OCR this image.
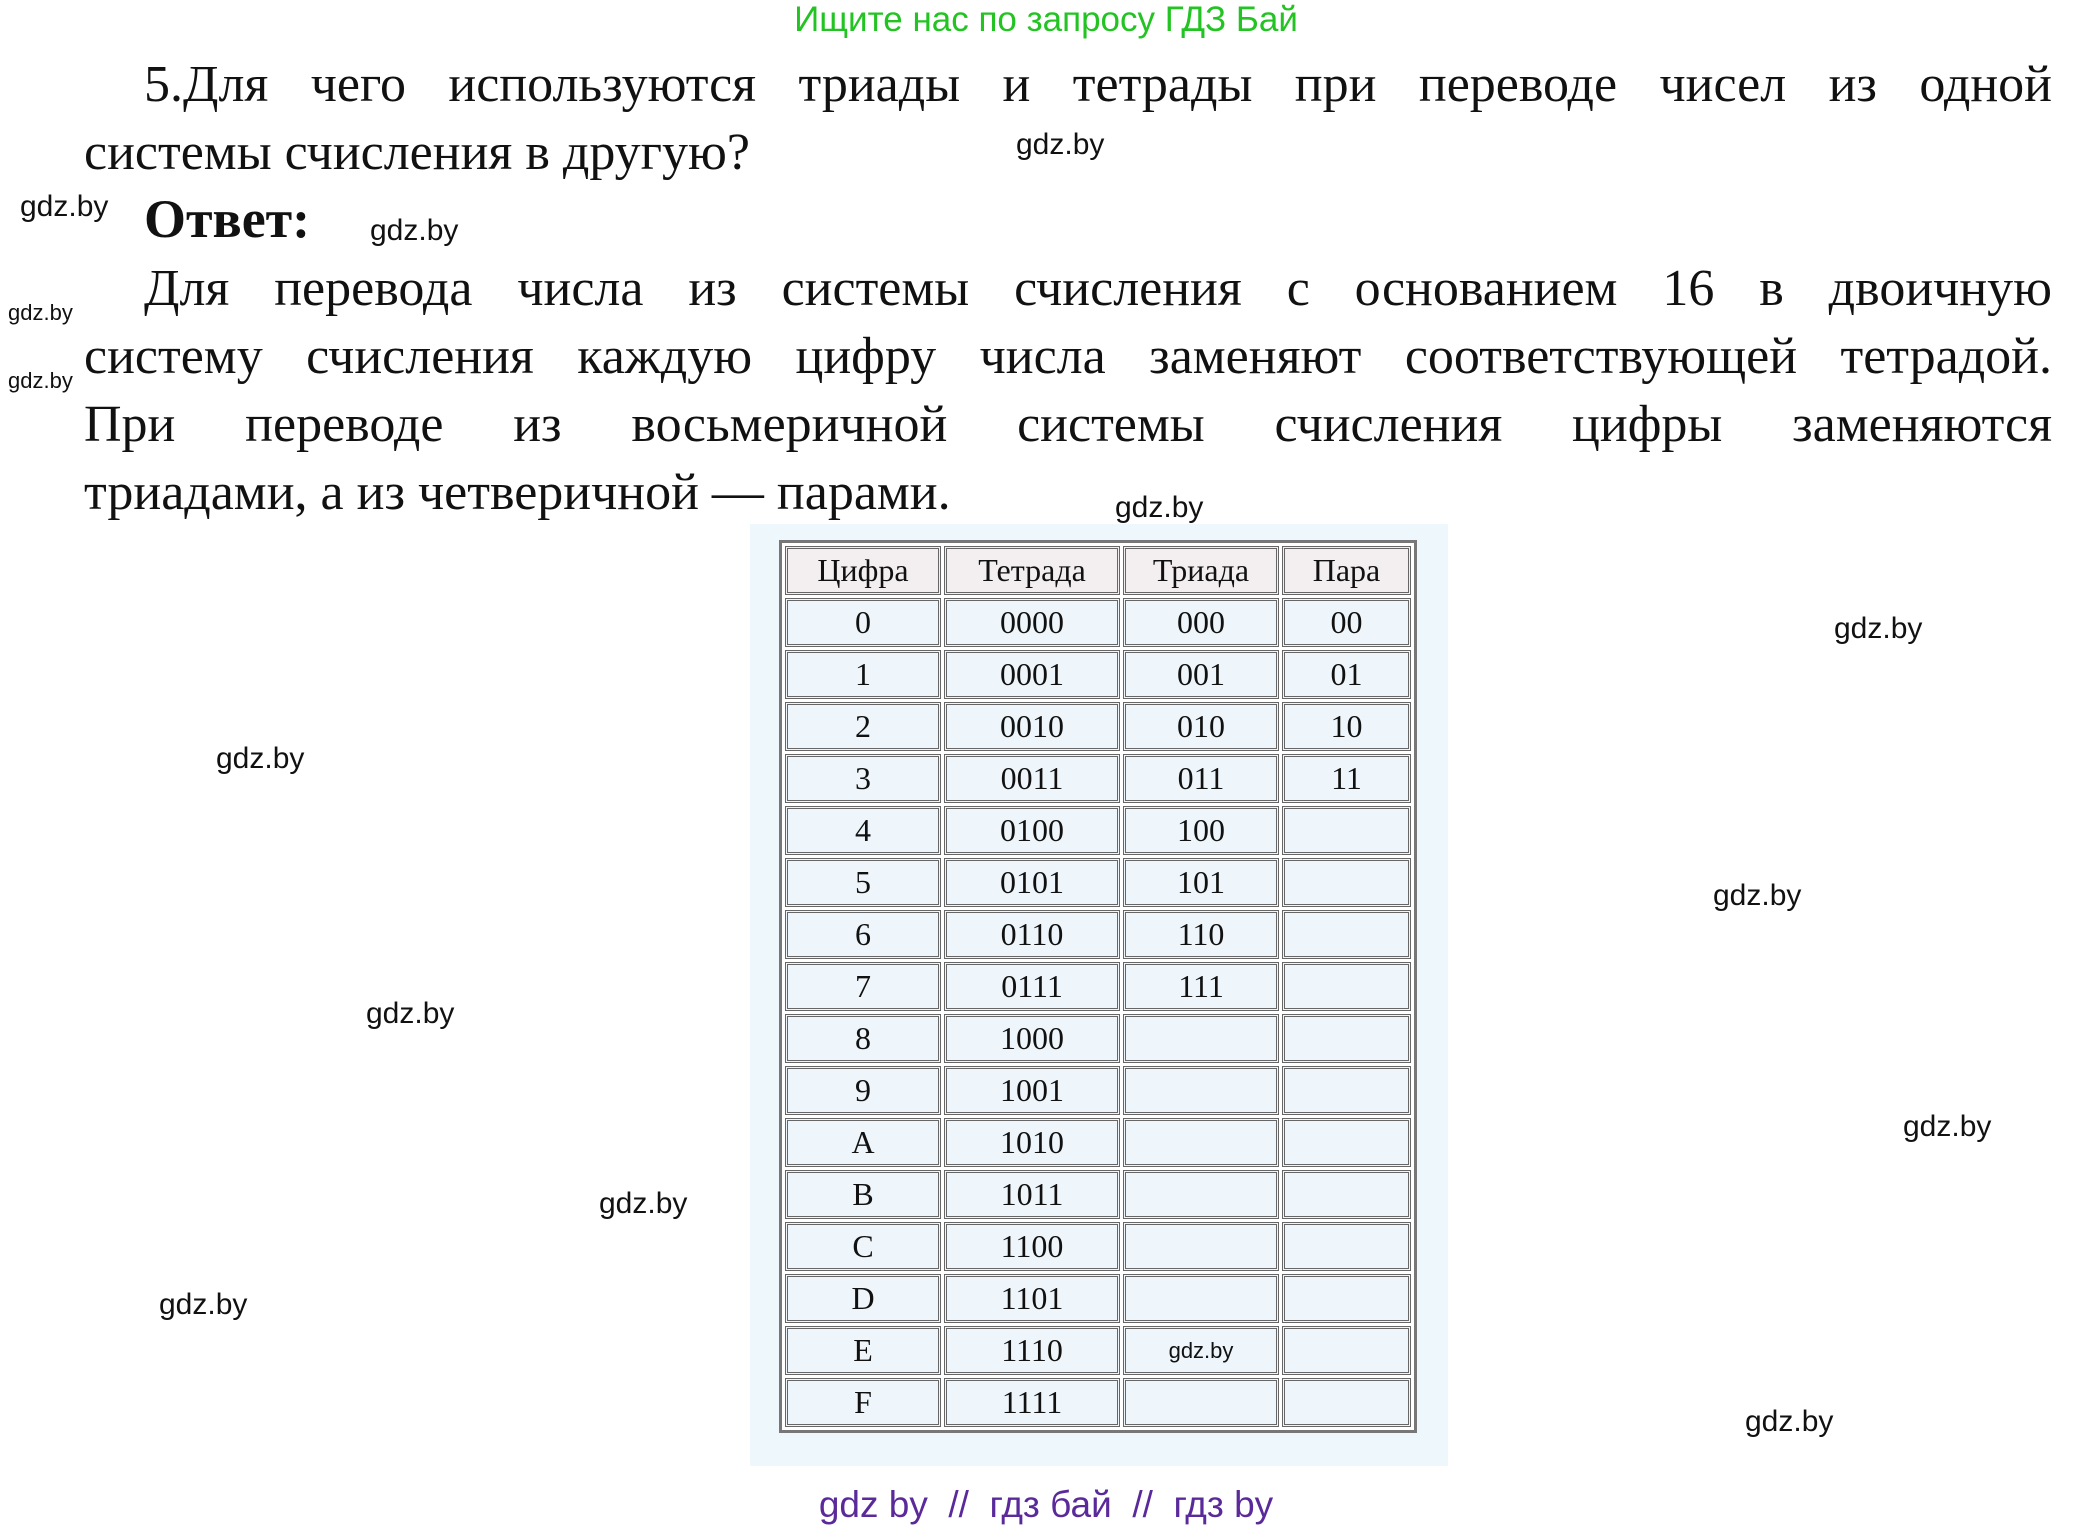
Ищите нас по запросу ГДЗ Бай
5.Для чего используются триады и тетрады при переводе чисел из одной
системы счисления в другую?
Ответ:
Для перевода числа из системы счисления с основанием 16 в двоичную
систему счисления каждую цифру числа заменяют соответствующей тетрадой.
При переводе из восьмеричной системы счисления цифры заменяются
триадами, а из четверичной — парами.
Цифра	Тетрада	Триада	Пара
0	0000	000	00
1	0001	001	01
2	0010	010	10
3	0011	011	11
4	0100	100	
5	0101	101	
6	0110	110	
7	0111	111	
8	1000		
9	1001		
A	1010		
B	1011		
C	1100		
D	1101		
E	1110	gdz.by	
F	1111		
gdz.by
gdz.by
gdz.by
gdz.by
gdz.by
gdz.by
gdz.by
gdz.by
gdz.by
gdz.by
gdz.by
gdz.by
gdz.by
gdz.by
gdz by  //  гдз бай  //  гдз by
